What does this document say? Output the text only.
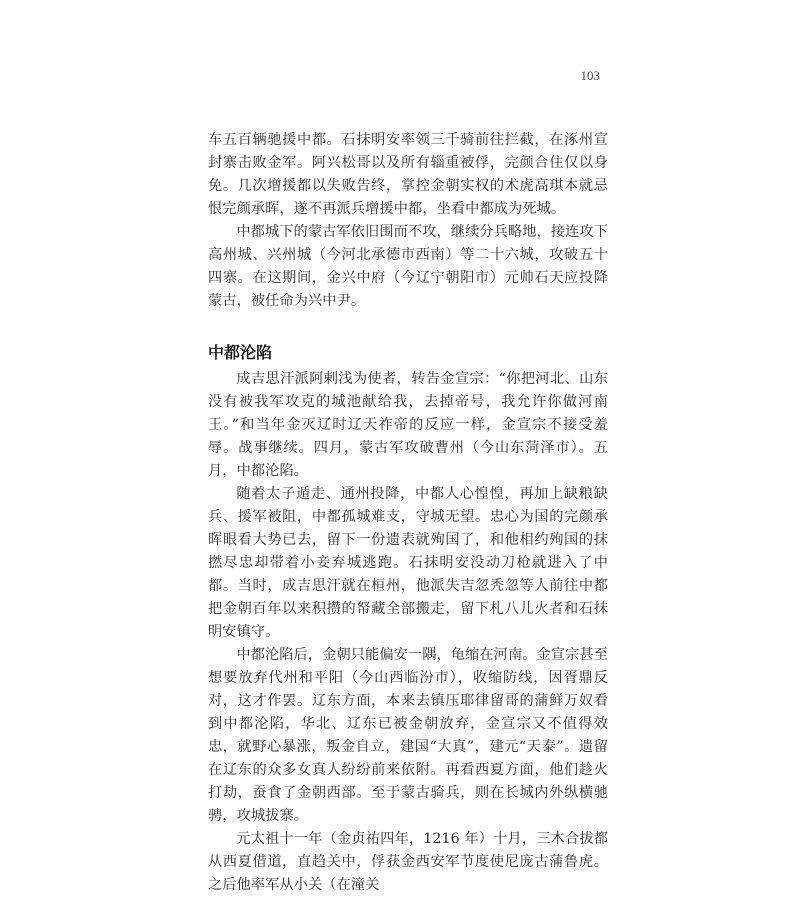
103

车五百辆驰援中都。石抹明安率领三千骑前往拦截，在涿州宣封寨击败金军。阿兴松哥以及所有辎重被俘，完颜合住仅以身免。几次增援都以失败告终，掌控金朝实权的术虎高琪本就忌恨完颜承晖，遂不再派兵增援中都，坐看中都成为死城。

中都城下的蒙古军依旧围而不攻，继续分兵略地，接连攻下高州城、兴州城（今河北承德市西南）等二十六城，攻破五十四寨。在这期间，金兴中府（今辽宁朝阳市）元帅石天应投降蒙古，被任命为兴中尹。

中都沦陷

成吉思汗派阿剌浅为使者，转告金宣宗：“你把河北、山东没有被我军攻克的城池献给我，去掉帝号，我允许你做河南王。”和当年金灭辽时辽天祚帝的反应一样，金宣宗不接受羞辱。战事继续。四月，蒙古军攻破曹州（今山东菏泽市）。五月，中都沦陷。

随着太子遁走、通州投降，中都人心惶惶，再加上缺粮缺兵、援军被阻，中都孤城难支，守城无望。忠心为国的完颜承晖眼看大势已去，留下一份遗表就殉国了，和他相约殉国的抹撚尽忠却带着小妾弃城逃跑。石抹明安没动刀枪就进入了中都。当时，成吉思汗就在桓州，他派失吉忽秃忽等人前往中都把金朝百年以来积攒的帑藏全部搬走，留下札八儿火者和石抹明安镇守。

中都沦陷后，金朝只能偏安一隅，龟缩在河南。金宣宗甚至想要放弃代州和平阳（今山西临汾市），收缩防线，因胥鼎反对，这才作罢。辽东方面，本来去镇压耶律留哥的蒲鲜万奴看到中都沦陷，华北、辽东已被金朝放弃，金宣宗又不值得效忠，就野心暴涨，叛金自立，建国“大真”，建元“天泰”。遗留在辽东的众多女真人纷纷前来依附。再看西夏方面，他们趁火打劫，蚕食了金朝西部。至于蒙古骑兵，则在长城内外纵横驰骋，攻城拔寨。

元太祖十一年（金贞祐四年，1216 年）十月，三木合拔都从西夏借道，直趋关中，俘获金西安军节度使尼庞古蒲鲁虎。之后他率军从小关（在潼关
